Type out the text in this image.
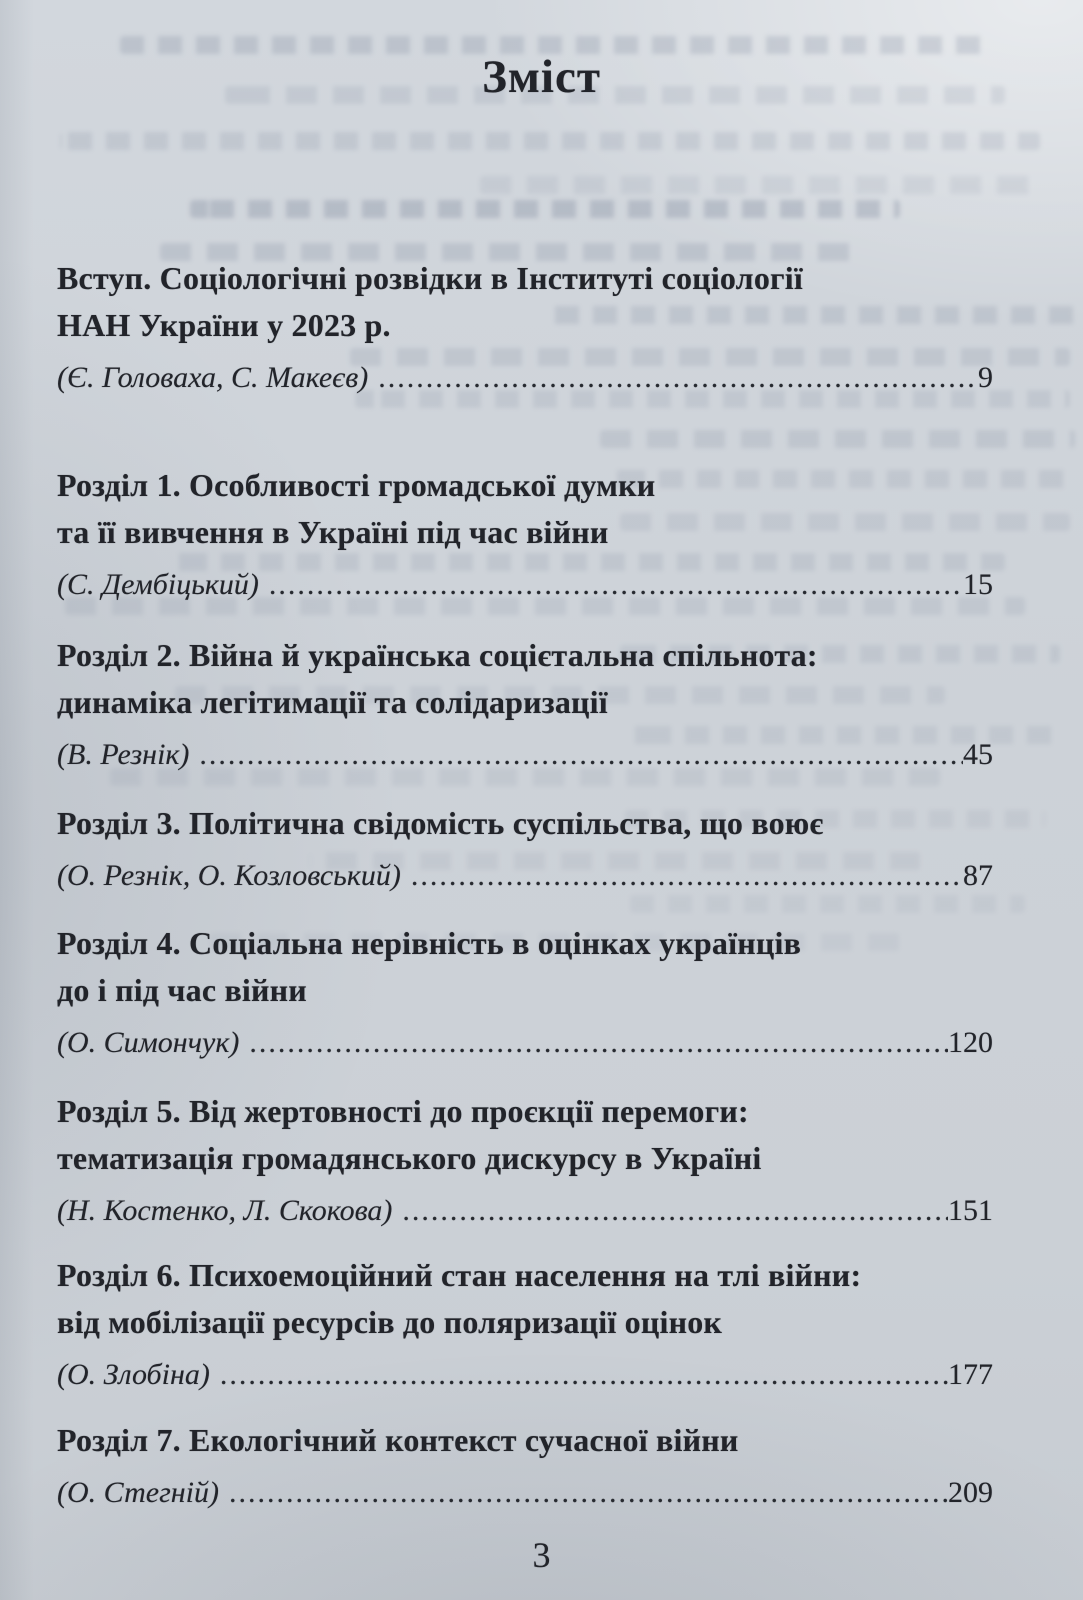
Зміст
Вступ. Соціологічні розвідки в Інституті соціології
НАН України у 2023 р.
(Є. Головаха, С. Макеєв) .....	9
Розділ 1. Особливості громадської думки
та її вивчення в Україні під час війни
(С. Дембіцький) .....	15
Розділ 2. Війна й українська соцієтальна спільнота:
динаміка легітимації та солідаризації
(В. Резнік) .....	45
Розділ 3. Політична свідомість суспільства, що воює
(О. Резнік, О. Козловський) .....	87
Розділ 4. Соціальна нерівність в оцінках українців
до і під час війни
(О. Симончук) .....	120
Розділ 5. Від жертовності до проєкції перемоги:
тематизація громадянського дискурсу в Україні
(Н. Костенко, Л. Скокова) .....	151
Розділ 6. Психоемоційний стан населення на тлі війни:
від мобілізації ресурсів до поляризації оцінок
(О. Злобіна) .....	177
Розділ 7. Екологічний контекст сучасної війни
(О. Стегній) .....	209
3
